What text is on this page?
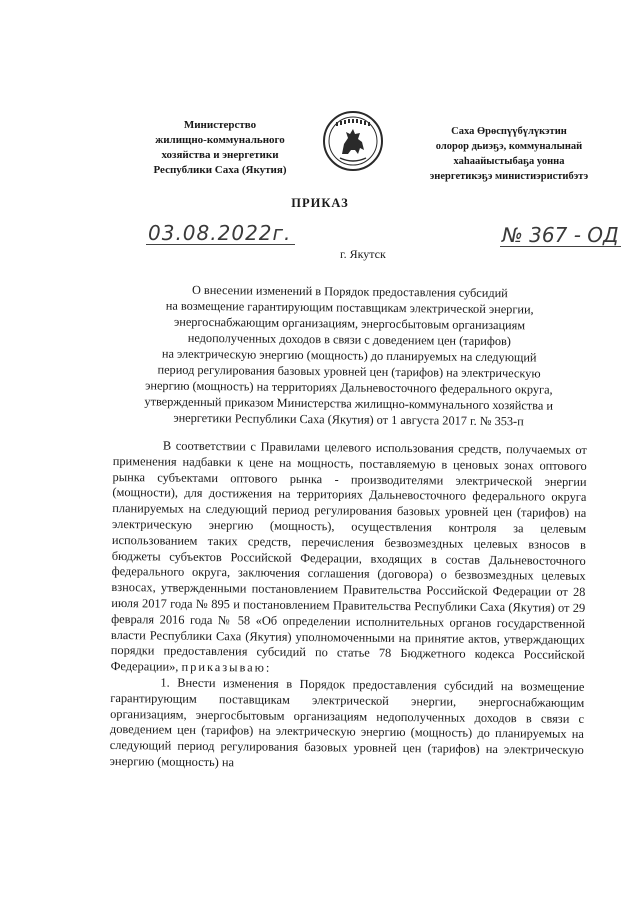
Министерство
жилищно-коммунального
хозяйства и энергетики
Республики Саха (Якутия)
Саха Өрөспүүбүлүкэтин
олорор дьиэҕэ, коммуналынай
хаһаайыстыбаҕа уонна
энергетикэҕэ министиэристибэтэ
ПРИКАЗ
03.08.2022г.
г. Якутск
№ 367 - ОД
О внесении изменений в Порядок предоставления субсидий
на возмещение гарантирующим поставщикам электрической энергии,
энергоснабжающим организациям, энергосбытовым организациям
недополученных доходов в связи с доведением цен (тарифов)
на электрическую энергию (мощность) до планируемых на следующий
период регулирования базовых уровней цен (тарифов) на электрическую
энергию (мощность) на территориях Дальневосточного федерального округа,
утвержденный приказом Министерства жилищно-коммунального хозяйства и
энергетики Республики Саха (Якутия) от 1 августа 2017 г. № 353-п

В соответствии с Правилами целевого использования средств, получаемых от применения надбавки к цене на мощность, поставляемую в ценовых зонах оптового рынка субъектами оптового рынка - производителями электрической энергии (мощности), для достижения на территориях Дальневосточного федерального округа планируемых на следующий период регулирования базовых уровней цен (тарифов) на электрическую энергию (мощность), осуществления контроля за целевым использованием таких средств, перечисления безвозмездных целевых взносов в бюджеты субъектов Российской Федерации, входящих в состав Дальневосточного федерального округа, заключения соглашения (договора) о безвозмездных целевых взносах, утвержденными постановлением Правительства Российской Федерации от 28 июля 2017 года № 895 и постановлением Правительства Республики Саха (Якутия) от 29 февраля 2016 года № 58 «Об определении исполнительных органов государственной власти Республики Саха (Якутия) уполномоченными на принятие актов, утверждающих порядки предоставления субсидий по статье 78 Бюджетного кодекса Российской Федерации», приказываю:

1. Внести изменения в Порядок предоставления субсидий на возмещение гарантирующим поставщикам электрической энергии, энергоснабжающим организациям, энергосбытовым организациям недополученных доходов в связи с доведением цен (тарифов) на электрическую энергию (мощность) до планируемых на следующий период регулирования базовых уровней цен (тарифов) на электрическую энергию (мощность) на
